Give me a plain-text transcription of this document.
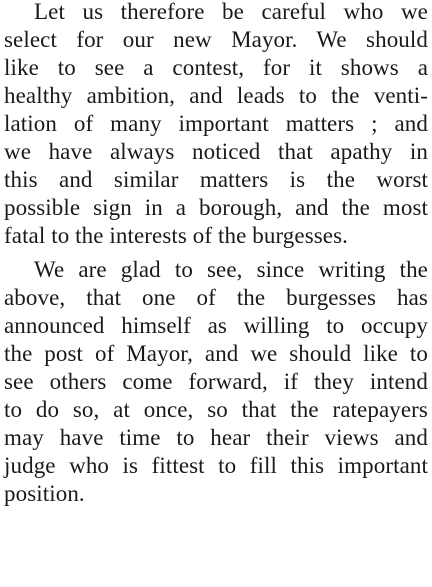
Let us therefore be careful who we
select for our new Mayor. We should
like to see a contest, for it shows a
healthy ambition, and leads to the venti-
lation of many important matters ; and
we have always noticed that apathy in
this and similar matters is the worst
possible sign in a borough, and the most
fatal to the interests of the burgesses.
We are glad to see, since writing the
above, that one of the burgesses has
announced himself as willing to occupy
the post of Mayor, and we should like to
see others come forward, if they intend
to do so, at once, so that the ratepayers
may have time to hear their views and
judge who is fittest to fill this important
position.
